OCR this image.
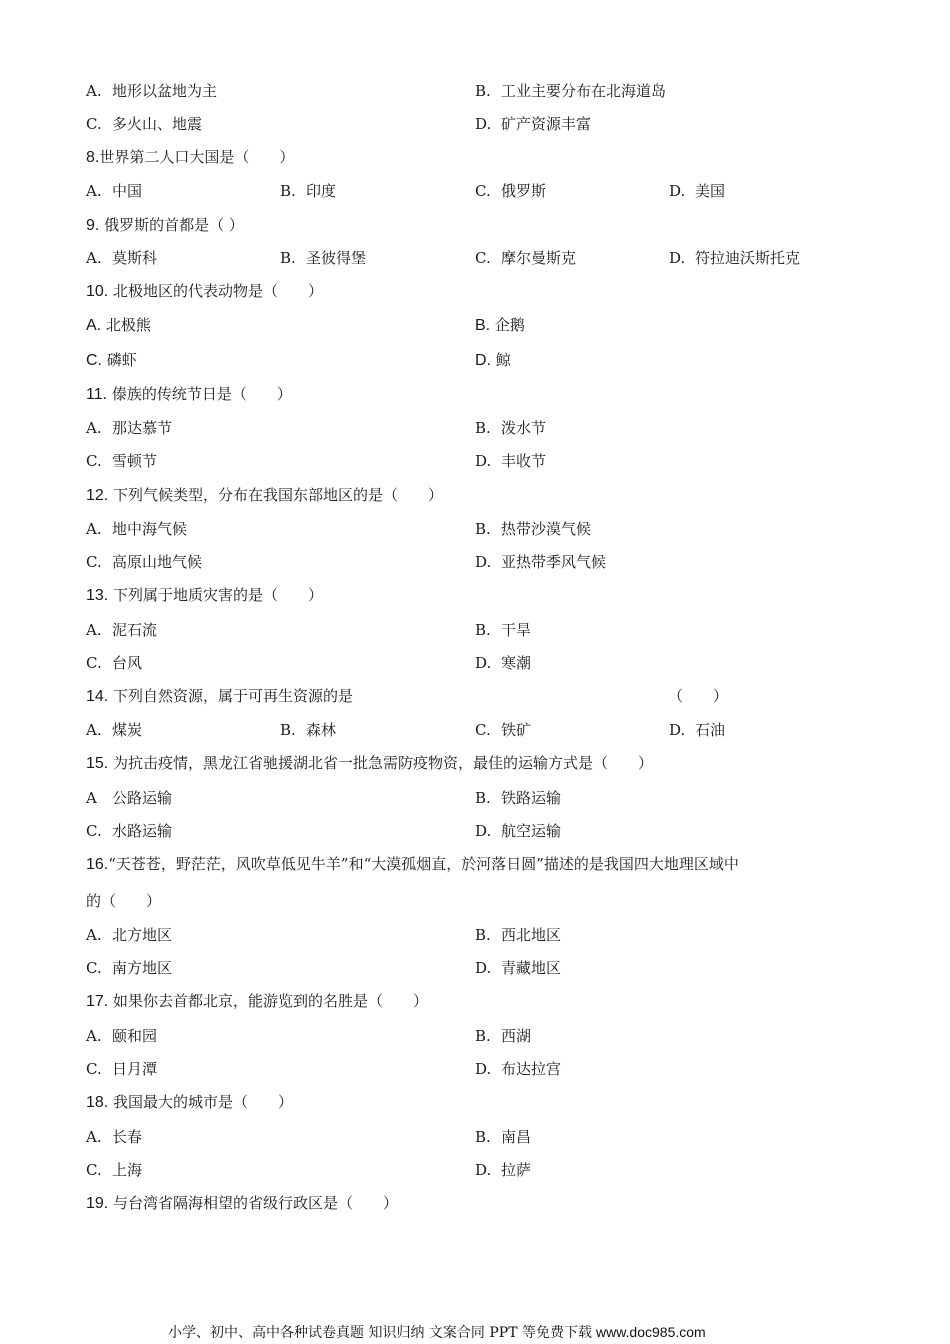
A. 地形以盆地为主	B. 工业主要分布在北海道岛
C. 多火山、地震	D. 矿产资源丰富
8.世界第二人口大国是（　　）
A. 中国	B. 印度	C. 俄罗斯	D. 美国
9. 俄罗斯的首都是（ ）
A. 莫斯科	B. 圣彼得堡	C. 摩尔曼斯克	D. 符拉迪沃斯托克
10. 北极地区的代表动物是（　　）
A. 北极熊	B. 企鹅
C. 磷虾	D. 鲸
11. 傣族的传统节日是（　　）
A. 那达慕节	B. 泼水节
C. 雪顿节	D. 丰收节
12. 下列气候类型，分布在我国东部地区的是（　　）
A. 地中海气候	B. 热带沙漠气候
C. 高原山地气候	D. 亚热带季风气候
13. 下列属于地质灾害的是（　　）
A. 泥石流	B. 干旱
C. 台风	D. 寒潮
14. 下列自然资源，属于可再生资源的是	（　　）
A. 煤炭	B. 森林	C. 铁矿	D. 石油
15. 为抗击疫情，黑龙江省驰援湖北省一批急需防疫物资，最佳的运输方式是（　　）
A 公路运输	B. 铁路运输
C. 水路运输	D. 航空运输
16.“天苍苍，野茫茫，风吹草低见牛羊”和“大漠孤烟直，於河落日圆”描述的是我国四大地理区域中
的（　　）
A. 北方地区	B. 西北地区
C. 南方地区	D. 青藏地区
17. 如果你去首都北京，能游览到的名胜是（　　）
A. 颐和园	B. 西湖
C. 日月潭	D. 布达拉宫
18. 我国最大的城市是（　　）
A. 长春	B. 南昌
C. 上海	D. 拉萨
19. 与台湾省隔海相望的省级行政区是（　　）
小学、初中、高中各种试卷真题 知识归纳 文案合同 PPT 等免费下载 www.doc985.com
